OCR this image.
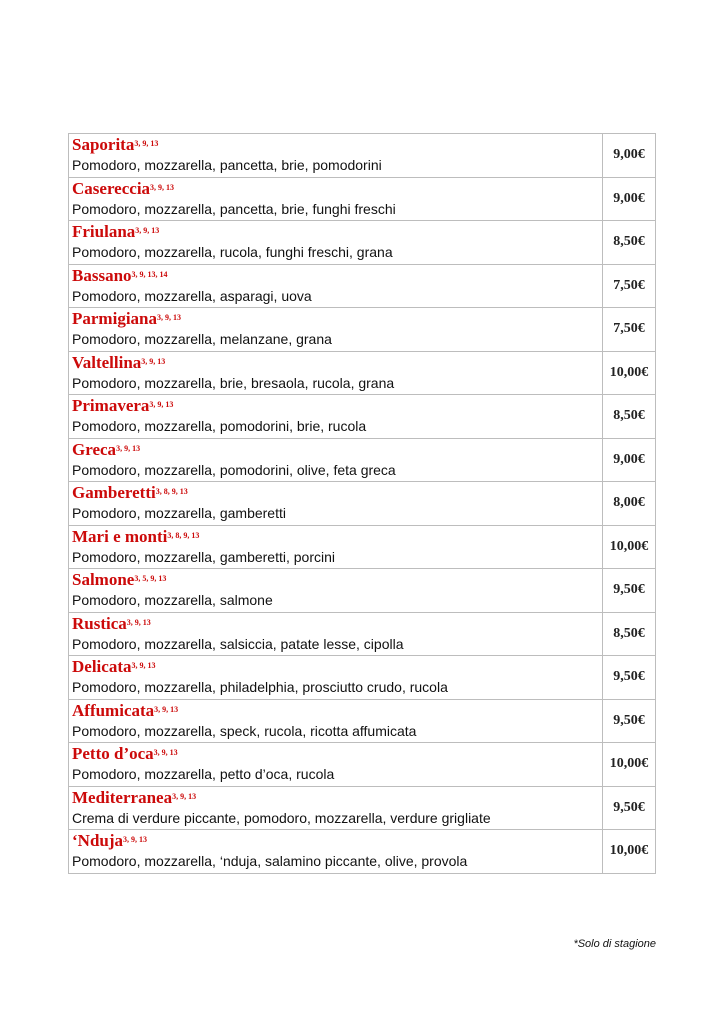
Saporita$^{3, 9, 13}$
Pomodoro, mozzarella, pancetta, brie, pomodorini	9,00€

Casereccia$^{3, 9, 13}$
Pomodoro, mozzarella, pancetta, brie, funghi freschi	9,00€

Friulana$^{3, 9, 13}$
Pomodoro, mozzarella, rucola, funghi freschi, grana	8,50€

Bassano$^{3, 9, 13, 14}$
Pomodoro, mozzarella, asparagi, uova	7,50€

Parmigiana$^{3, 9, 13}$
Pomodoro, mozzarella, melanzane, grana	7,50€

Valtellina$^{3, 9, 13}$
Pomodoro, mozzarella, brie, bresaola, rucola, grana	10,00€

Primavera$^{3, 9, 13}$
Pomodoro, mozzarella, pomodorini, brie, rucola	8,50€

Greca$^{3, 9, 13}$
Pomodoro, mozzarella, pomodorini, olive, feta greca	9,00€

Gamberetti$^{3, 8, 9, 13}$
Pomodoro, mozzarella, gamberetti	8,00€

Mari e monti$^{3, 8, 9, 13}$
Pomodoro, mozzarella, gamberetti, porcini	10,00€

Salmone$^{3, 5, 9, 13}$
Pomodoro, mozzarella, salmone	9,50€

Rustica$^{3, 9, 13}$
Pomodoro, mozzarella, salsiccia, patate lesse, cipolla	8,50€

Delicata$^{3, 9, 13}$
Pomodoro, mozzarella, philadelphia, prosciutto crudo, rucola	9,50€

Affumicata$^{3, 9, 13}$
Pomodoro, mozzarella, speck, rucola, ricotta affumicata	9,50€

Petto d’oca$^{3, 9, 13}$
Pomodoro, mozzarella, petto d’oca, rucola	10,00€

Mediterranea$^{3, 9, 13}$
Crema di verdure piccante, pomodoro, mozzarella, verdure grigliate	9,50€

‘Nduja$^{3, 9, 13}$
Pomodoro, mozzarella, ‘nduja, salamino piccante, olive, provola	10,00€
*Solo di stagione
